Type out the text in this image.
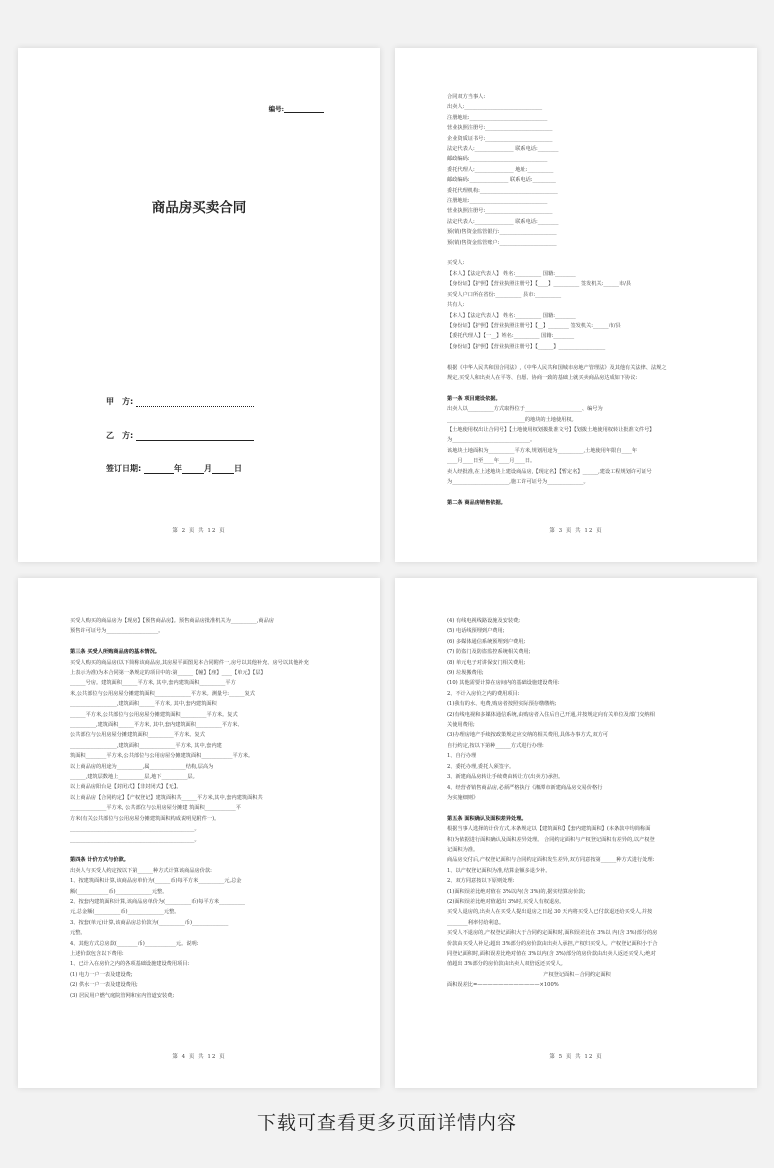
编号:
商品房买卖合同
甲　方:
乙　方:
签订日期:	年	月	日
第 2 页 共 12 页
合同双方当事人:
出卖人:______________________________
注册地址:______________________________
营业执照注册号:__________________________
企业资质证书号:__________________________
法定代表人:_______________ 联系电话:________
邮政编码:______________________________
委托代理人:_______________ 地址:__________
邮政编码:_______________ 联系电话:_________
委托代理机构:______________________________
注册地址:______________________________
营业执照注册号:__________________________
法定代表人:_______________ 联系电话:________
预(销)售资金监管银行:______________________
预(销)售资金监管账户:______________________
买受人:
【本人】【法定代表人】 姓名:__________ 国籍:________
【身份证】【护照】【营业执照注册号】【____】__________ 签发机关:______市/县
买受人户口所在省份:__________ 县市:__________
共有人:
【本人】【法定代表人】 姓名:__________ 国籍:________
【身份证】【护照】【营业执照注册号】【__】________ 签发机关:______市/县
【委托代理人】【一__】姓名:__________ 国籍:________
【身份证】【护照】【营业执照注册号】【______】__________________
根据《中华人民共和国合同法》,《中华人民共和国城市房地产管理法》及其他有关法律、法规之
规定,买受人和出卖人在平等、自愿、协商一致的基础上就买卖商品房达成如下协议:
第一条 项目建设依据。
出卖人以__________方式取得位于______________________、编号为
______________________________的地块的土地使用权。
【土地使用权出让合同号】【土地使用权划拨批准文号】【划拨土地使用权转让批准文件号】
为______________________________。
该地块土地面积为__________平方米,规划用途为__________,土地使用年限自____年
____月____日至____年____月____日。
卖人经批准,在上述地块上建设商品房,【现定名】【暂定名】______,建设工程规划许可证号
为______________________,施工许可证号为______________。
第二条 商品房销售依据。
第 3 页 共 12 页
买受人购买的商品房为【现房】【预售商品房】。预售商品房批准机关为__________,商品房
预售许可证号为____________________。
第三条 买受人所购商品房的基本情况。
买受人购买的商品房(以下简称该商品房,其房屋平面图见本合同附件一,房号以其他补充、房号以其他补充
上表示为准)为本合同第一条规定的项目中的:第______【幢】【座】____【单元】【层】
______号房。建筑面积______平方米, 其中,套内建筑面积__________平方
米,公共部位与公用房屋分摊建筑面积______________平方米。测量号:______复式
__________________,建筑面积______平方米, 其中,套内建筑面积
______平方米,公共部位与公用房屋分摊建筑面积__________平方米。复式
__________,建筑面积______平方米, 其中,套内建筑面积__________平方米、
公共部位与公用房屋分摊建筑面积__________平方米。复式
__________________,建筑面积______________平方米, 其中,套内建
筑面积________平方米,公共部位与公用房屋分摊建筑面积____________平方米。
以上商品房的用途为__________,属______________结构,层高为
______,建筑层数地上__________层,地下__________层。
以上商品房阳台是【封闭式】【非封闭式】【无】。
以上商品房【合同约定】【产权登记】建筑面积共______平方米,其中,套内建筑面积共
______________平方米, 公共部位与公用房屋分摊建 筑面积____________平
方米(有关公共部位与公用房屋分摊建筑面积构成说明见附件一)。
________________________________________________。
________________________________________________。
第四条 计价方式与价款。
出卖人与买受人约定按以下第______种方式计算该商品房价款:
1、按建筑面积计算,该商品房单价为(______币)每平方米__________元,总金
额(____________币)______________元整。
2、按套内建筑面积计算,该商品房单价为(__________币)每平方米__________
元,总金额(__________币)______________元整。
3、按套(单元)计算,该商品房总价款为(__________币)______________
元整。
4、其他方式总房款(________币)____________元。说明:
上述价款包含以下费用:
1、已计入在房价之内的各项基础设施建设费用项目:
(1) 电力一户一表及建设费;
(2) 供水一户一表及建设费用;
(3) 居民用户燃气庭院管网和室内管道安装费;
第 4 页 共 12 页
(4) 有线电视线路设施及安装费;
(5) 电话线预埋到户费用;
(6) 多媒体通信系统预埋到户费用;
(7) 防盗门及防盗监控系统相关费用;
(8) 单元电子对讲保安门相关费用;
(9) 垃圾搬费用;
(10) 其他需要计算在房间内的基础设施建设费用:
2、不计入房价之内的费用项目:
(1)我有的水、电费,购房者按照实际预存缴缴纳;
(2)有线电视和多媒体通信系统,由购房者入住后自己开通,并按规定向有关单位及部门交纳相
关使用费用;
(3)办理房地产手续按政策规定应交纳的相关费用,具体办事方式,双方可
自行约定,按以下第种______方式进行办理:
1、自行办理
2、委托办理,委托人须签字。
3、新建商品房转让手续费由转让方(出卖方)承担。
4、经营者销售商品房,必须严格执行《湘潭市新建商品房交易价格行
为实施细则》
第五条 面积确认及面积差异处理。
根据当事人选择的计价方式,本条规定以【建筑面积】【套内建筑面积】(本条款中均简称面
积)为依据进行面积确认及面积差异处理。 合同约定面积与产权登记面积有差异的,以产权登
记面积为准。
商品房交付后,产权登记面积与合同约定面积发生差异,双方同意按第______种方式进行处理:
1、以产权登记面积为准,结算金额多退少补。
2、双方同意按以下原则处理:
(1)面积误差比绝对值在 3%以内(含 3%)的,据实结算房价款;
(2)面积误差比绝对值超出 3%时,买受人有权退房。
买受人退房的,出卖人在买受人提出退房之日起 30 天内将买受人已付款退还给买受人,并按
________利率付给利息。
买受人不退房的,产权登记面积大于合同约定面积时,面积误差比在 3%以 内(含 3%)部分的房
价款由买受人补足;超出 3%部分的房价款由出卖人承担,产权归买受人。产权登记面积小于合
同登记面积时,面积误差比绝对值在 3%以内(含 3%)部分的房价款由出卖人返还买受人;绝对
值超出 3%部分的房价款由出卖人双倍返还买受人。
产权登记面积－合同约定面积
面积误差比=————————————×100%
第 5 页 共 12 页
下载可查看更多页面详情内容
